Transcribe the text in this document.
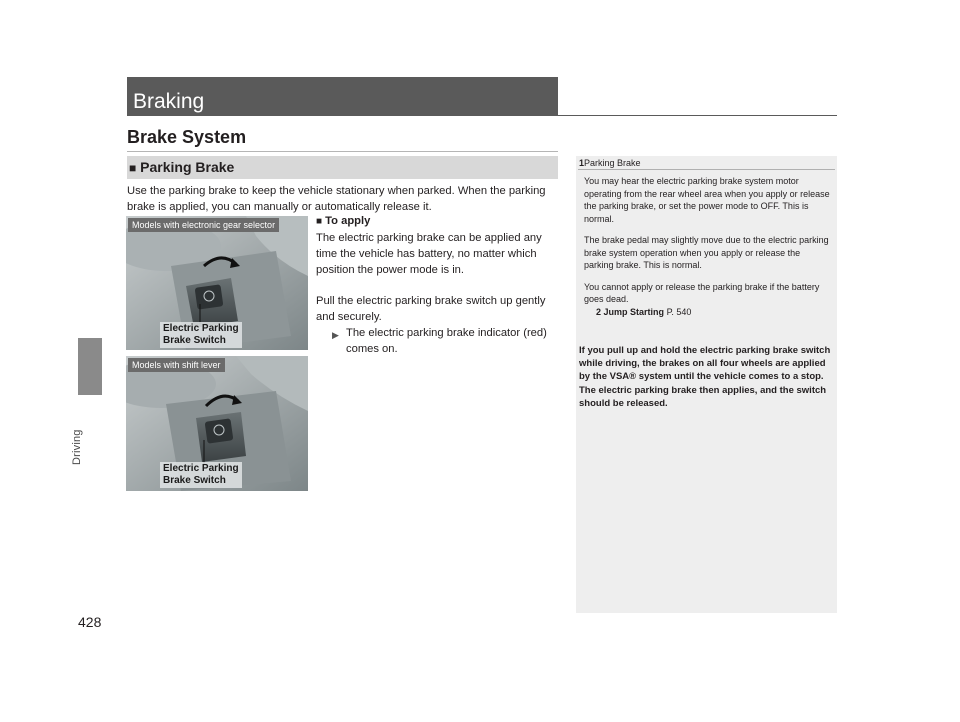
Driving
428
Braking
Brake System
■ Parking Brake
Use the parking brake to keep the vehicle stationary when parked. When the parking brake is applied, you can manually or automatically release it.
Models with electronic gear selector
Electric Parking
Brake Switch
Models with shift lever
Electric Parking
Brake Switch
■ To apply

The electric parking brake can be applied any time the vehicle has battery, no matter which position the power mode is in.

Pull the electric parking brake switch up gently and securely.

▶ The electric parking brake indicator (red) comes on.
1Parking Brake

You may hear the electric parking brake system motor operating from the rear wheel area when you apply or release the parking brake, or set the power mode to OFF. This is normal.

The brake pedal may slightly move due to the electric parking brake system operation when you apply or release the parking brake. This is normal.

You cannot apply or release the parking brake if the battery goes dead.

2 Jump Starting P. 540
If you pull up and hold the electric parking brake switch while driving, the brakes on all four wheels are applied by the VSA® system until the vehicle comes to a stop. The electric parking brake then applies, and the switch should be released.
